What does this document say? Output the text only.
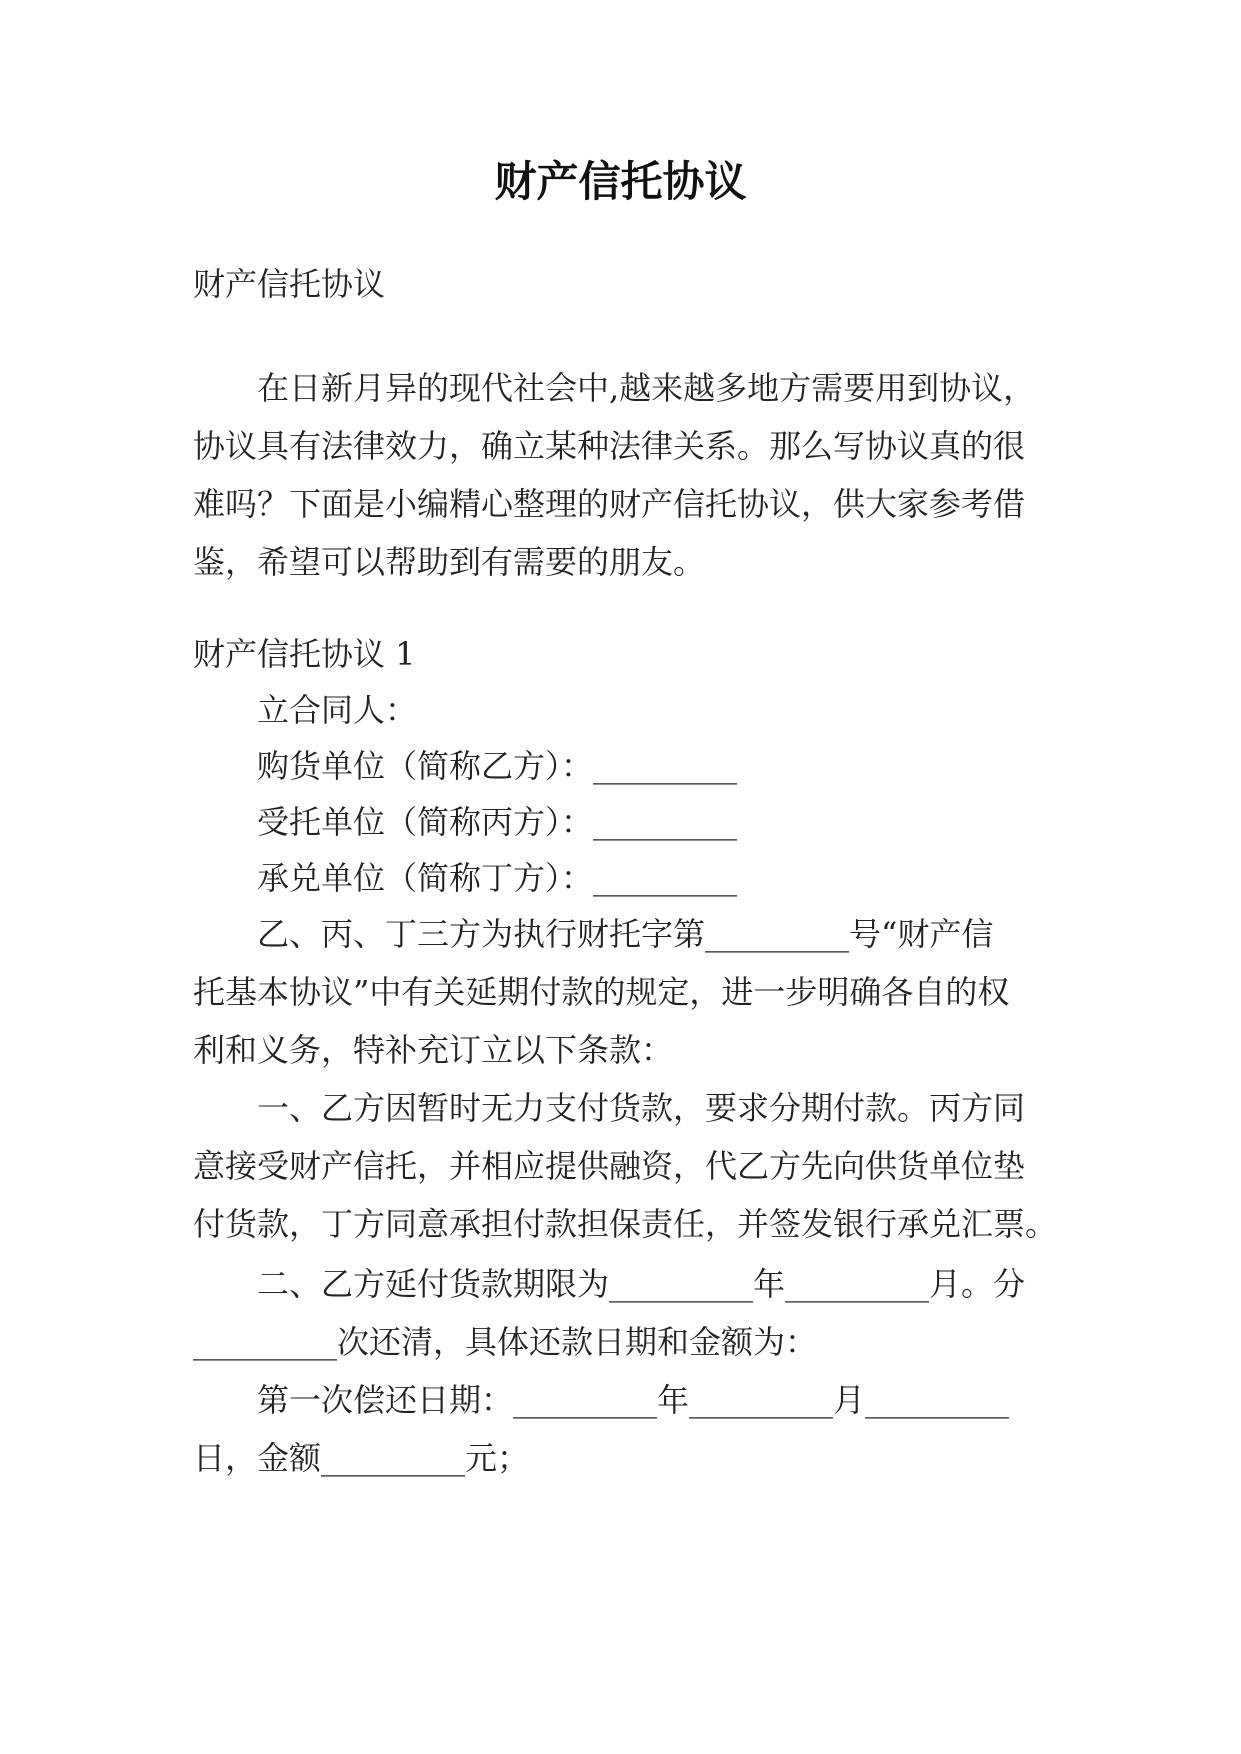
财产信托协议

财产信托协议

在日新月异的现代社会中,越来越多地方需要用到协议，

协议具有法律效力，确立某种法律关系。那么写协议真的很

难吗？下面是小编精心整理的财产信托协议，供大家参考借

鉴，希望可以帮助到有需要的朋友。

财产信托协议 1

立合同人：

购货单位（简称乙方）：_________

受托单位（简称丙方）：_________

承兑单位（简称丁方）：_________

乙、丙、丁三方为执行财托字第_________号“财产信

托基本协议”中有关延期付款的规定，进一步明确各自的权

利和义务，特补充订立以下条款：

一、乙方因暂时无力支付货款，要求分期付款。丙方同

意接受财产信托，并相应提供融资，代乙方先向供货单位垫

付货款，丁方同意承担付款担保责任，并签发银行承兑汇票。

二、乙方延付货款期限为_________年_________月。分

_________次还清，具体还款日期和金额为：

第一次偿还日期：_________年_________月_________

日，金额_________元；
